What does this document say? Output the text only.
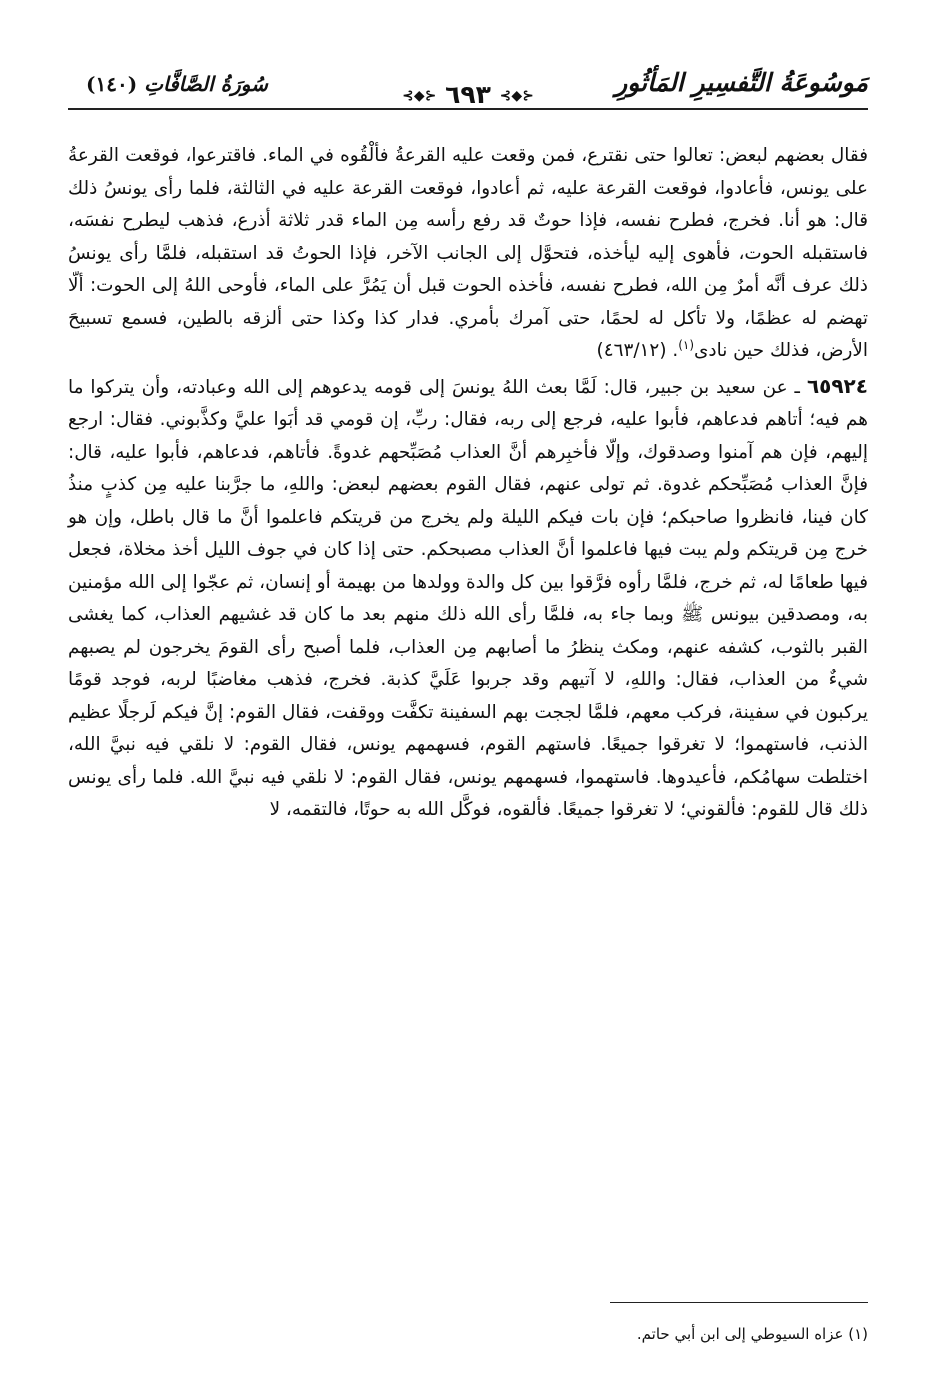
مَوسُوعَةُ التَّفسِيرِ المَأثُورِ
⊰◆⊱ ٦٩٣ ⊰◆⊱
سُورَةُ الصَّافَّاتِ (١٤٠)

فقال بعضهم لبعض: تعالوا حتى نقترع، فمن وقعت عليه القرعةُ فألْقُوه في الماء. فاقترعوا، فوقعت القرعةُ على يونس، فأعادوا، فوقعت القرعة عليه، ثم أعادوا، فوقعت القرعة عليه في الثالثة، فلما رأى يونسُ ذلك قال: هو أنا. فخرج، فطرح نفسه، فإذا حوتٌ قد رفع رأسه مِن الماء قدر ثلاثة أذرع، فذهب ليطرح نفسَه، فاستقبله الحوت، فأهوى إليه ليأخذه، فتحوَّل إلى الجانب الآخر، فإذا الحوتُ قد استقبله، فلمَّا رأى يونسُ ذلك عرف أنَّه أمرٌ مِن الله، فطرح نفسه، فأخذه الحوت قبل أن يَمُرَّ على الماء، فأوحى اللهُ إلى الحوت: ألّا تهضم له عظمًا، ولا تأكل له لحمًا، حتى آمرك بأمري. فدار كذا وكذا حتى ألزقه بالطين، فسمع تسبيحَ الأرض، فذلك حين نادى$^{(١)}$. (٤٦٣/١٢)

٦٥٩٢٤ ـ عن سعيد بن جبير، قال: لَمَّا بعث اللهُ يونسَ إلى قومه يدعوهم إلى الله وعبادته، وأن يتركوا ما هم فيه؛ أتاهم فدعاهم، فأبوا عليه، فرجع إلى ربه، فقال: ربِّ، إن قومي قد أبَوا عليَّ وكذَّبوني. فقال: ارجع إليهم، فإن هم آمنوا وصدقوك، وإلّا فأخبِرهم أنَّ العذاب مُصَبِّحهم غدوةً. فأتاهم، فدعاهم، فأبوا عليه، قال: فإنَّ العذاب مُصَبِّحكم غدوة. ثم تولى عنهم، فقال القوم بعضهم لبعض: واللهِ، ما جرَّبنا عليه مِن كذبٍ منذُ كان فينا، فانظروا صاحبكم؛ فإن بات فيكم الليلة ولم يخرج من قريتكم فاعلموا أنَّ ما قال باطل، وإن هو خرج مِن قريتكم ولم يبت فيها فاعلموا أنَّ العذاب مصبحكم. حتى إذا كان في جوف الليل أخذ مخلاة، فجعل فيها طعامًا له، ثم خرج، فلمَّا رأوه فرَّقوا بين كل والدة وولدها من بهيمة أو إنسان، ثم عجّوا إلى الله مؤمنين به، ومصدقين بيونس ﷺ وبما جاء به، فلمَّا رأى الله ذلك منهم بعد ما كان قد غشيهم العذاب، كما يغشى القبر بالثوب، كشفه عنهم، ومكث ينظرُ ما أصابهم مِن العذاب، فلما أصبح رأى القومَ يخرجون لم يصبهم شيءٌ من العذاب، فقال: واللهِ، لا آتيهم وقد جربوا عَلَيَّ كذبة. فخرج، فذهب مغاضبًا لربه، فوجد قومًا يركبون في سفينة، فركب معهم، فلمَّا لججت بهم السفينة تكفَّت ووقفت، فقال القوم: إنَّ فيكم لَرجلًا عظيم الذنب، فاستهموا؛ لا تغرقوا جميعًا. فاستهم القوم، فسهمهم يونس، فقال القوم: لا نلقي فيه نبيَّ الله، اختلطت سهامُكم، فأعيدوها. فاستهموا، فسهمهم يونس، فقال القوم: لا نلقي فيه نبيَّ الله. فلما رأى يونس ذلك قال للقوم: فألقوني؛ لا تغرقوا جميعًا. فألقوه، فوكَّل الله به حوتًا، فالتقمه، لا

(١) عزاه السيوطي إلى ابن أبي حاتم.
